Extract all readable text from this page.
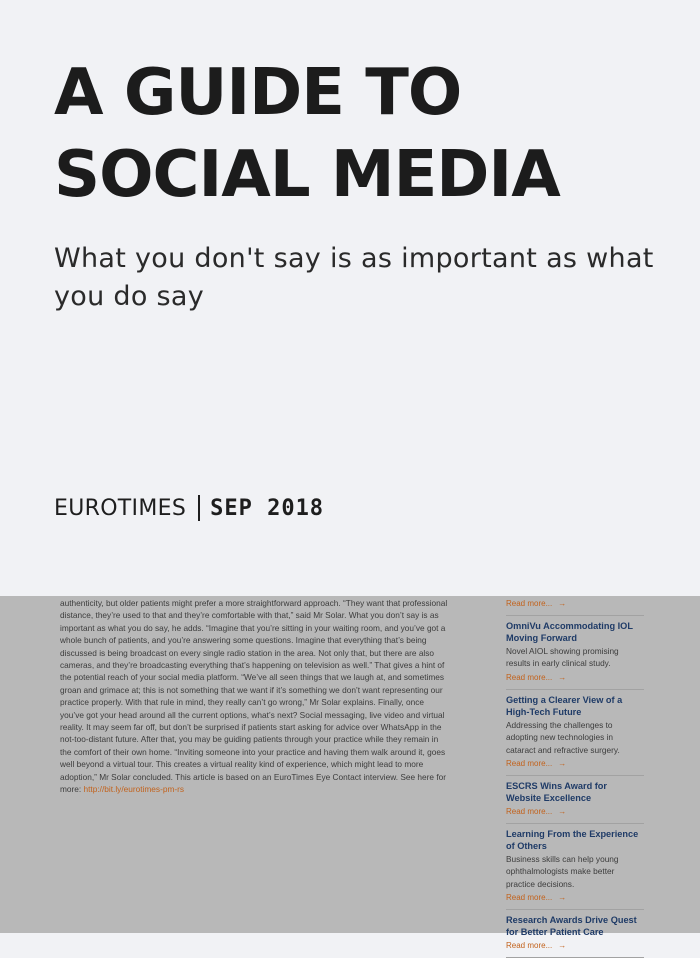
A GUIDE TO
SOCIAL MEDIA

What you don't say is as important as what you do say

EUROTIMES SEP 2018
authenticity, but older patients might prefer a more straightforward approach. “They want that professional distance, they’re used to that and they’re comfortable with that,” said Mr Solar. What you don’t say is as important as what you do say, he adds. “Imagine that you’re sitting in your waiting room, and you’ve got a whole bunch of patients, and you’re answering some questions. Imagine that everything that’s being discussed is being broadcast on every single radio station in the area. Not only that, but there are also cameras, and they’re broadcasting everything that’s happening on television as well.” That gives a hint of the potential reach of your social media platform. “We’ve all seen things that we laugh at, and sometimes groan and grimace at; this is not something that we want if it’s something we don’t want representing our practice properly. With that rule in mind, they really can’t go wrong,” Mr Solar explains. Finally, once you’ve got your head around all the current options, what’s next? Social messaging, live video and virtual reality. It may seem far off, but don’t be surprised if patients start asking for advice over WhatsApp in the not-too-distant future. After that, you may be guiding patients through your practice while they remain in the comfort of their own home. “Inviting someone into your practice and having them walk around it, goes well beyond a virtual tour. This creates a virtual reality kind of experience, which might lead to more adoption,” Mr Solar concluded. This article is based on an EuroTimes Eye Contact interview. See here for more: http://bit.ly/eurotimes-pm-rs
Read more... →
OmniVu Accommodating IOL Moving Forward
Novel AIOL showing promising results in early clinical study.
Read more... →
Getting a Clearer View of a High-Tech Future
Addressing the challenges to adopting new technologies in cataract and refractive surgery.
Read more... →
ESCRS Wins Award for Website Excellence
Read more... →
Learning From the Experience of Others
Business skills can help young ophthalmologists make better practice decisions.
Read more... →
Research Awards Drive Quest for Better Patient Care
Read more... →
